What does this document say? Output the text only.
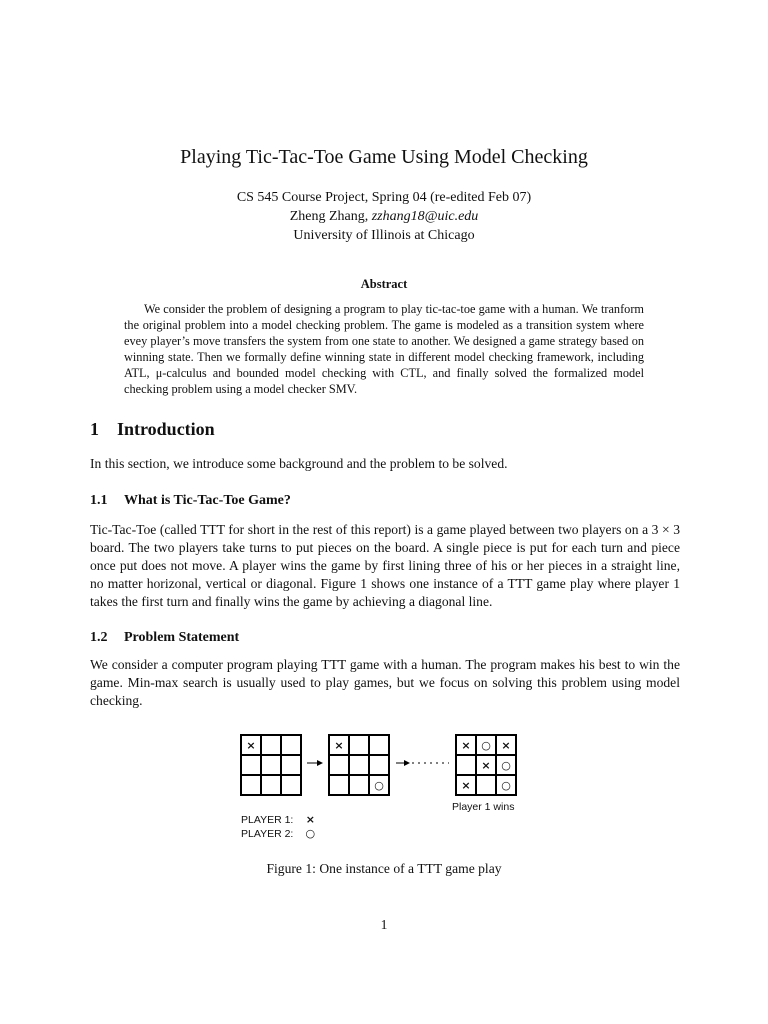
Playing Tic-Tac-Toe Game Using Model Checking
CS 545 Course Project, Spring 04 (re-edited Feb 07)
Zheng Zhang, zzhang18@uic.edu
University of Illinois at Chicago
Abstract
We consider the problem of designing a program to play tic-tac-toe game with a human. We tranform the original problem into a model checking problem. The game is modeled as a transition system where evey player’s move transfers the system from one state to another. We designed a game strategy based on winning state. Then we formally define winning state in different model checking framework, including ATL, μ-calculus and bounded model checking with CTL, and finally solved the formalized model checking problem using a model checker SMV.
1 Introduction
In this section, we introduce some background and the problem to be solved.
1.1 What is Tic-Tac-Toe Game?
Tic-Tac-Toe (called TTT for short in the rest of this report) is a game played between two players on a 3 × 3 board. The two players take turns to put pieces on the board. A single piece is put for each turn and piece once put does not move. A player wins the game by first lining three of his or her pieces in a straight line, no matter horizonal, vertical or diagonal. Figure 1 shows one instance of a TTT game play where player 1 takes the first turn and finally wins the game by achieving a diagonal line.
1.2 Problem Statement
We consider a computer program playing TTT game with a human. The program makes his best to win the game. Min-max search is usually used to play games, but we focus on solving this problem using model checking.
×	×
○
× ○ ×
× ○
×	○
Player 1 wins
PLAYER 1: ×
PLAYER 2: ○
Figure 1: One instance of a TTT game play
1
